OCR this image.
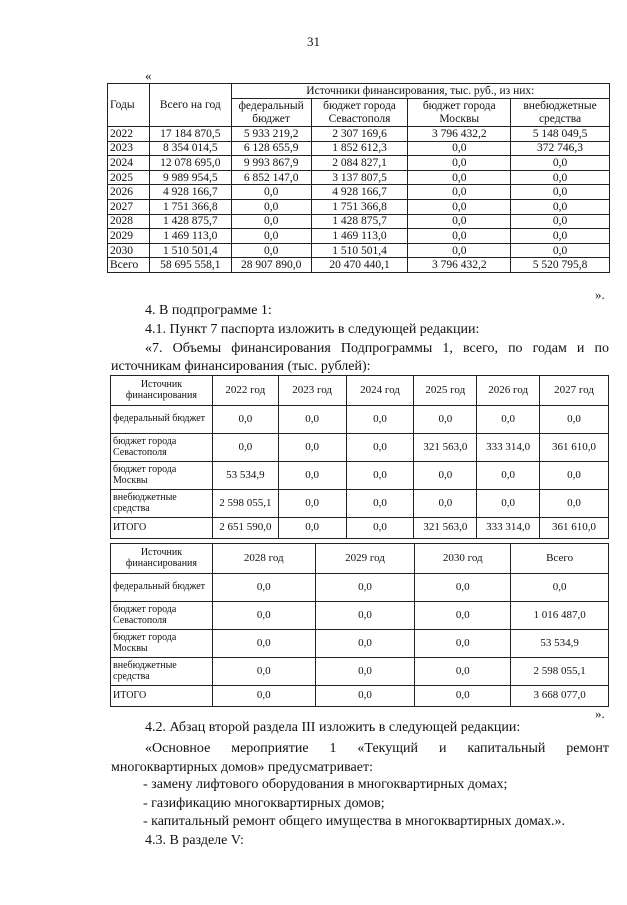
31
«
Годы	Всего на год	Источники финансирования, тыс. руб., из них:			
		федеральный бюджет	бюджет города Севастополя	бюджет города Москвы	внебюджетные средства
2022	17 184 870,5	5 933 219,2	2 307 169,6	3 796 432,2	5 148 049,5
2023	8 354 014,5	6 128 655,9	1 852 612,3	0,0	372 746,3
2024	12 078 695,0	9 993 867,9	2 084 827,1	0,0	0,0
2025	9 989 954,5	6 852 147,0	3 137 807,5	0,0	0,0
2026	4 928 166,7	0,0	4 928 166,7	0,0	0,0
2027	1 751 366,8	0,0	1 751 366,8	0,0	0,0
2028	1 428 875,7	0,0	1 428 875,7	0,0	0,0
2029	1 469 113,0	0,0	1 469 113,0	0,0	0,0
2030	1 510 501,4	0,0	1 510 501,4	0,0	0,0
Всего	58 695 558,1	28 907 890,0	20 470 440,1	3 796 432,2	5 520 795,8
».
4. В подпрограмме 1:
4.1. Пункт 7 паспорта изложить в следующей редакции:
«7. Объемы финансирования Подпрограммы 1, всего, по годам и по источникам финансирования (тыс. рублей):
Источник финансирования	2022 год	2023 год	2024 год	2025 год	2026 год	2027 год
федеральный бюджет	0,0	0,0	0,0	0,0	0,0	0,0
бюджет города Севастополя	0,0	0,0	0,0	321 563,0	333 314,0	361 610,0
бюджет города Москвы	53 534,9	0,0	0,0	0,0	0,0	0,0
внебюджетные средства	2 598 055,1	0,0	0,0	0,0	0,0	0,0
ИТОГО	2 651 590,0	0,0	0,0	321 563,0	333 314,0	361 610,0
Источник финансирования	2028 год	2029 год	2030 год	Всего
федеральный бюджет	0,0	0,0	0,0	0,0
бюджет города Севастополя	0,0	0,0	0,0	1 016 487,0
бюджет города Москвы	0,0	0,0	0,0	53 534,9
внебюджетные средства	0,0	0,0	0,0	2 598 055,1
ИТОГО	0,0	0,0	0,0	3 668 077,0
».
4.2. Абзац второй раздела III изложить в следующей редакции:
«Основное мероприятие 1 «Текущий и капитальный ремонт многоквартирных домов» предусматривает:
- замену лифтового оборудования в многоквартирных домах;
- газификацию многоквартирных домов;
- капитальный ремонт общего имущества в многоквартирных домах.».
4.3. В разделе V:
